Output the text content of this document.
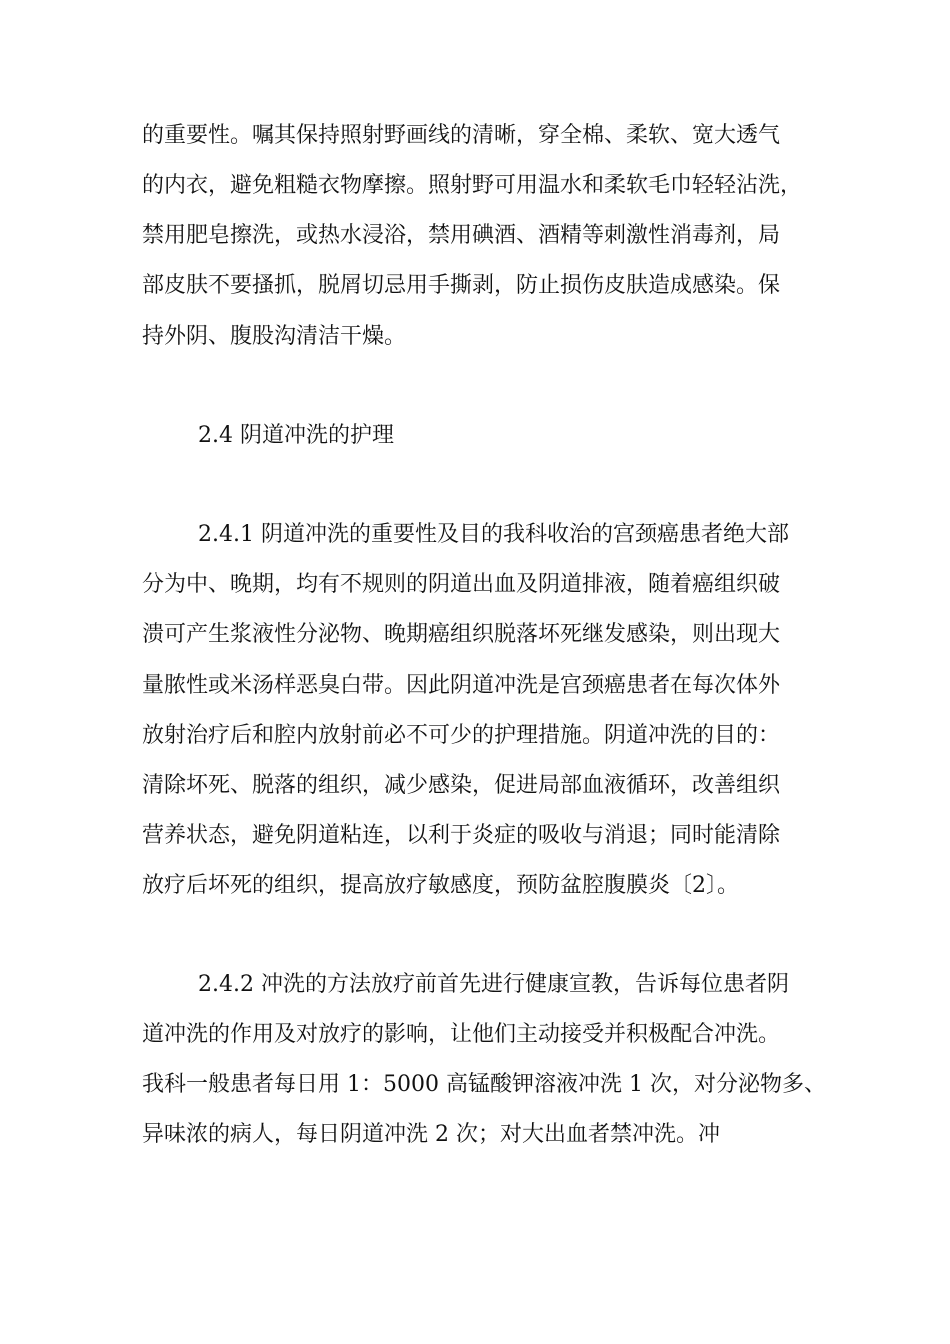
的重要性。嘱其保持照射野画线的清晰，穿全棉、柔软、宽大透气
的内衣，避免粗糙衣物摩擦。照射野可用温水和柔软毛巾轻轻沾洗，
禁用肥皂擦洗，或热水浸浴，禁用碘酒、酒精等刺激性消毒剂，局
部皮肤不要搔抓，脱屑切忌用手撕剥，防止损伤皮肤造成感染。保
持外阴、腹股沟清洁干燥。
2.4 阴道冲洗的护理
2.4.1 阴道冲洗的重要性及目的我科收治的宫颈癌患者绝大部
分为中、晚期，均有不规则的阴道出血及阴道排液，随着癌组织破
溃可产生浆液性分泌物、晚期癌组织脱落坏死继发感染，则出现大
量脓性或米汤样恶臭白带。因此阴道冲洗是宫颈癌患者在每次体外
放射治疗后和腔内放射前必不可少的护理措施。阴道冲洗的目的：
清除坏死、脱落的组织，减少感染，促进局部血液循环，改善组织
营养状态，避免阴道粘连，以利于炎症的吸收与消退；同时能清除
放疗后坏死的组织，提高放疗敏感度，预防盆腔腹膜炎〔2〕。
2.4.2 冲洗的方法放疗前首先进行健康宣教，告诉每位患者阴
道冲洗的作用及对放疗的影响，让他们主动接受并积极配合冲洗。
我科一般患者每日用 1：5000 高锰酸钾溶液冲洗 1 次，对分泌物多、
异味浓的病人，每日阴道冲洗 2 次；对大出血者禁冲洗。冲
